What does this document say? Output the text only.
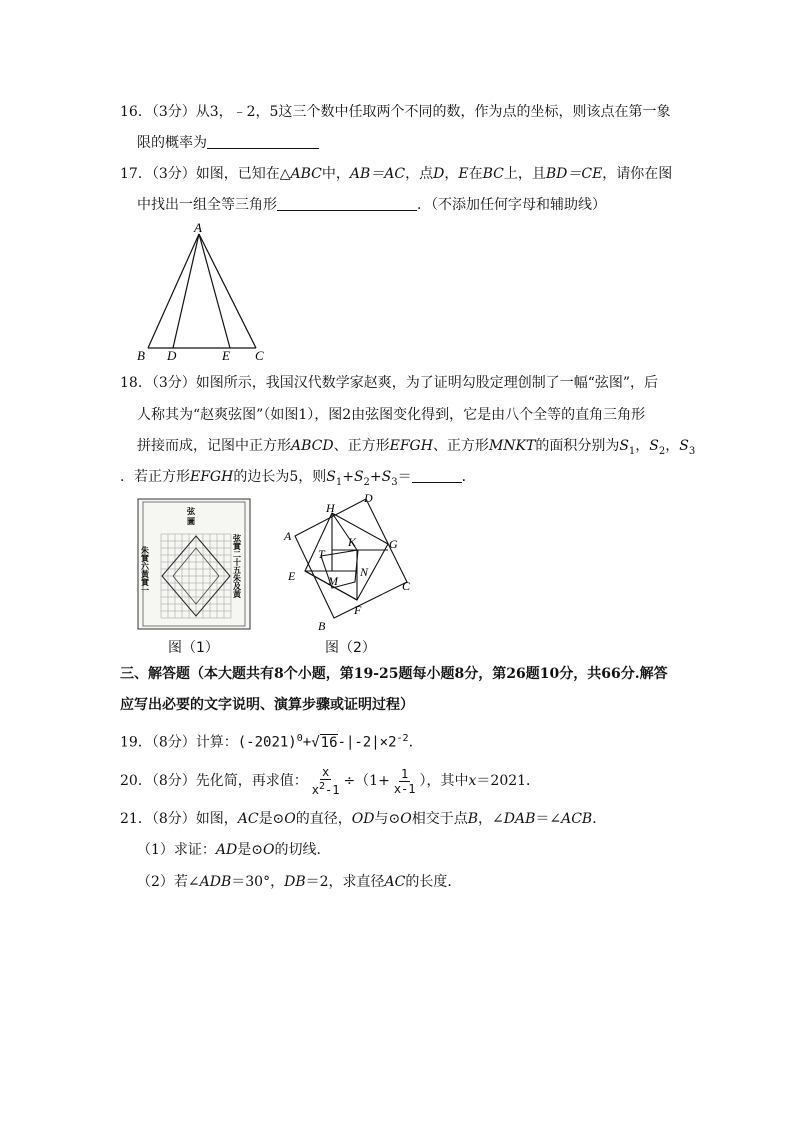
16．（3分）从3，﹣2，5这三个数中任取两个不同的数，作为点的坐标，则该点在第一象
限的概率为
17．（3分）如图，已知在△ABC中，AB＝AC，点D，E在BC上，且BD＝CE，请你在图
中找出一组全等三角形	．（不添加任何字母和辅助线）
A
B D	E C
18．（3分）如图所示，我国汉代数学家赵爽，为了证明勾股定理创制了一幅“弦图”，后
人称其为“赵爽弦图”（如图1），图2由弦图变化得到，它是由八个全等的直角三角形
拼接而成，记图中正方形ABCD、正方形EFGH、正方形MNKT的面积分别为$S_1$，$S_2$，$S_3$
．若正方形EFGH的边长为5，则$S_1+S_2+S_3=$	．
弦
圖
朱實六黃實一	弦實二十五朱及黃
图（1）
A
D
H
G
K
T
N
M
E
C
F
B
图（2）
三、解答题（本大题共有8个小题，第19-25题每小题8分，第26题10分，共66分.解答
应写出必要的文字说明、演算步骤或证明过程）
19．（8分）计算：$(-2021)^0+√16-|-2|\times 2^{-2}$.
20．（8分）先化简，再求值： $\frac{x}{x^2-1} \div(1+ \frac{1}{x-1}$ ），其中x＝2021．
21．（8分）如图，AC是⊙O的直径，OD与⊙O相交于点B，∠DAB＝∠ACB．
（1）求证：AD是⊙O的切线．
（2）若∠ADB＝30°，DB＝2，求直径AC的长度．
